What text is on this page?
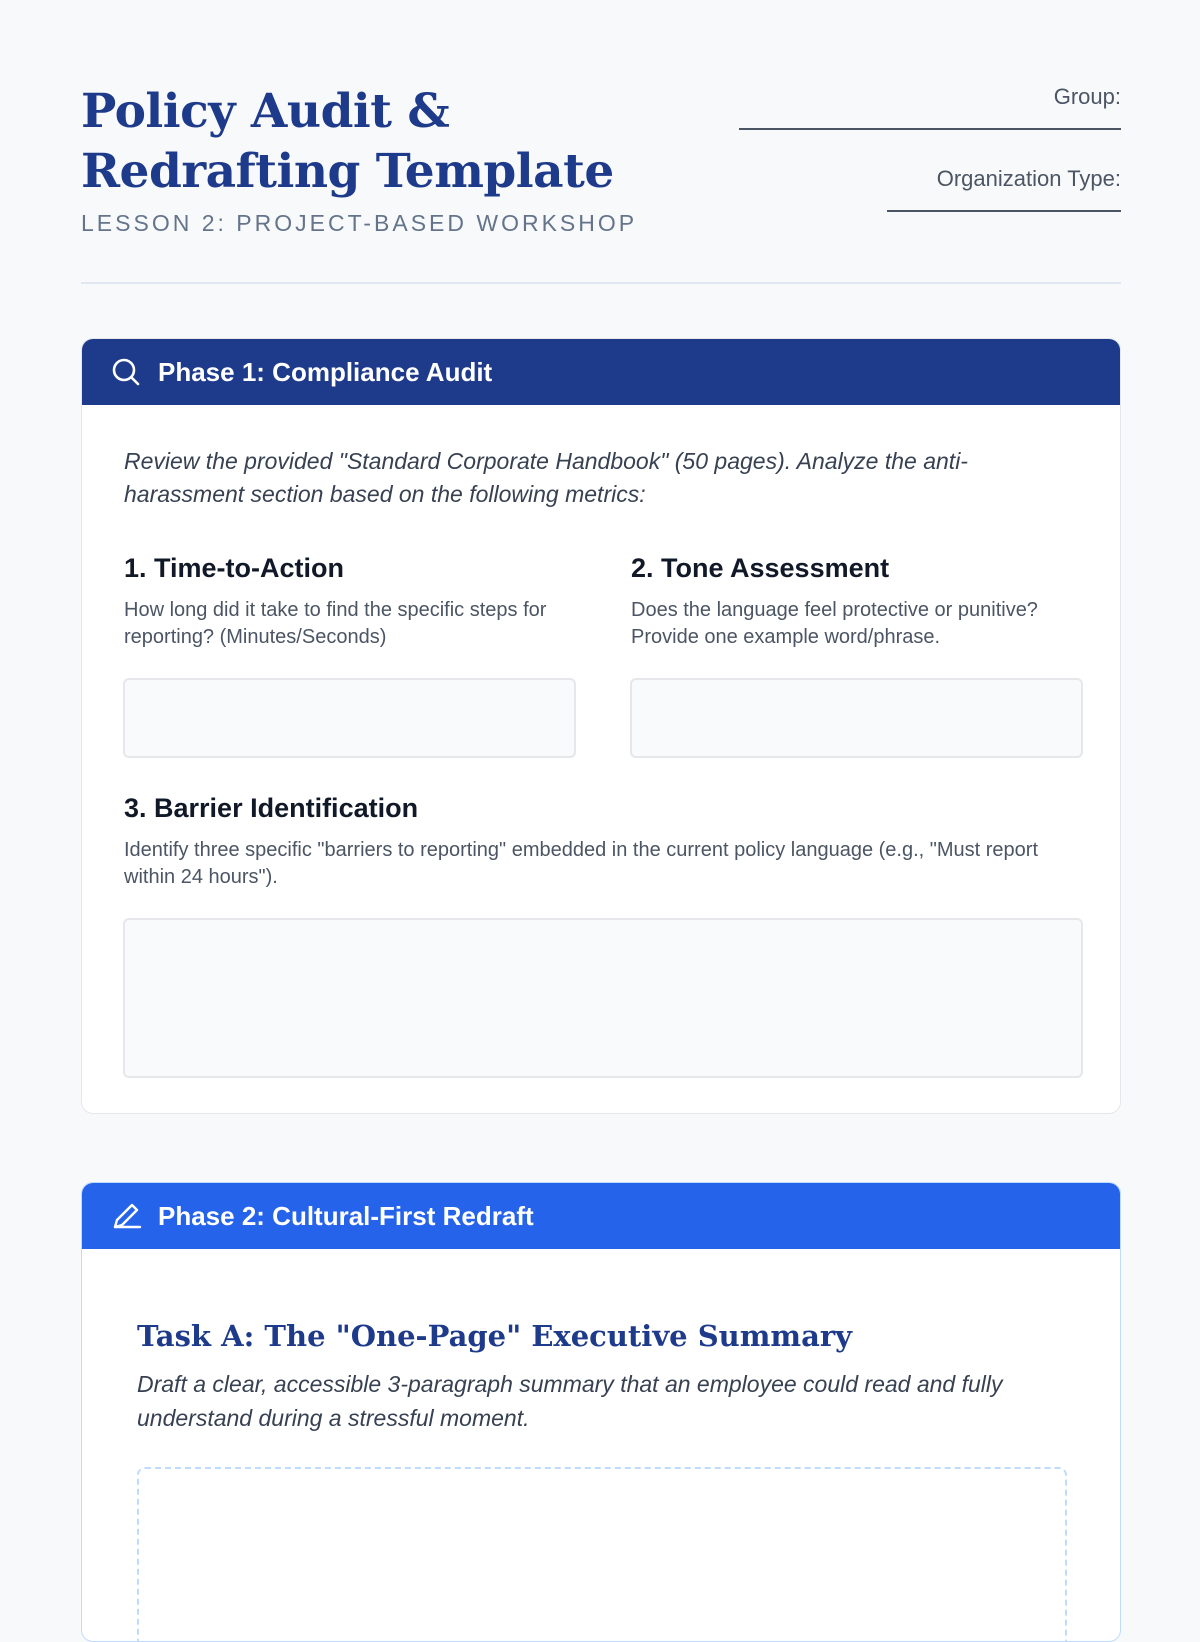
Policy Audit & Redrafting Template
LESSON 2: PROJECT-BASED WORKSHOP
Group:
Organization Type:
Phase 1: Compliance Audit

Review the provided "Standard Corporate Handbook" (50 pages). Analyze the anti-harassment section based on the following metrics:

1. Time-to-Action

How long did it take to find the specific steps for reporting? (Minutes/Seconds)

2. Tone Assessment

Does the language feel protective or punitive? Provide one example word/phrase.

3. Barrier Identification

Identify three specific "barriers to reporting" embedded in the current policy language (e.g., "Must report within 24 hours").

Phase 2: Cultural-First Redraft
Task A: The "One-Page" Executive Summary

Draft a clear, accessible 3-paragraph summary that an employee could read and fully understand during a stressful moment.
